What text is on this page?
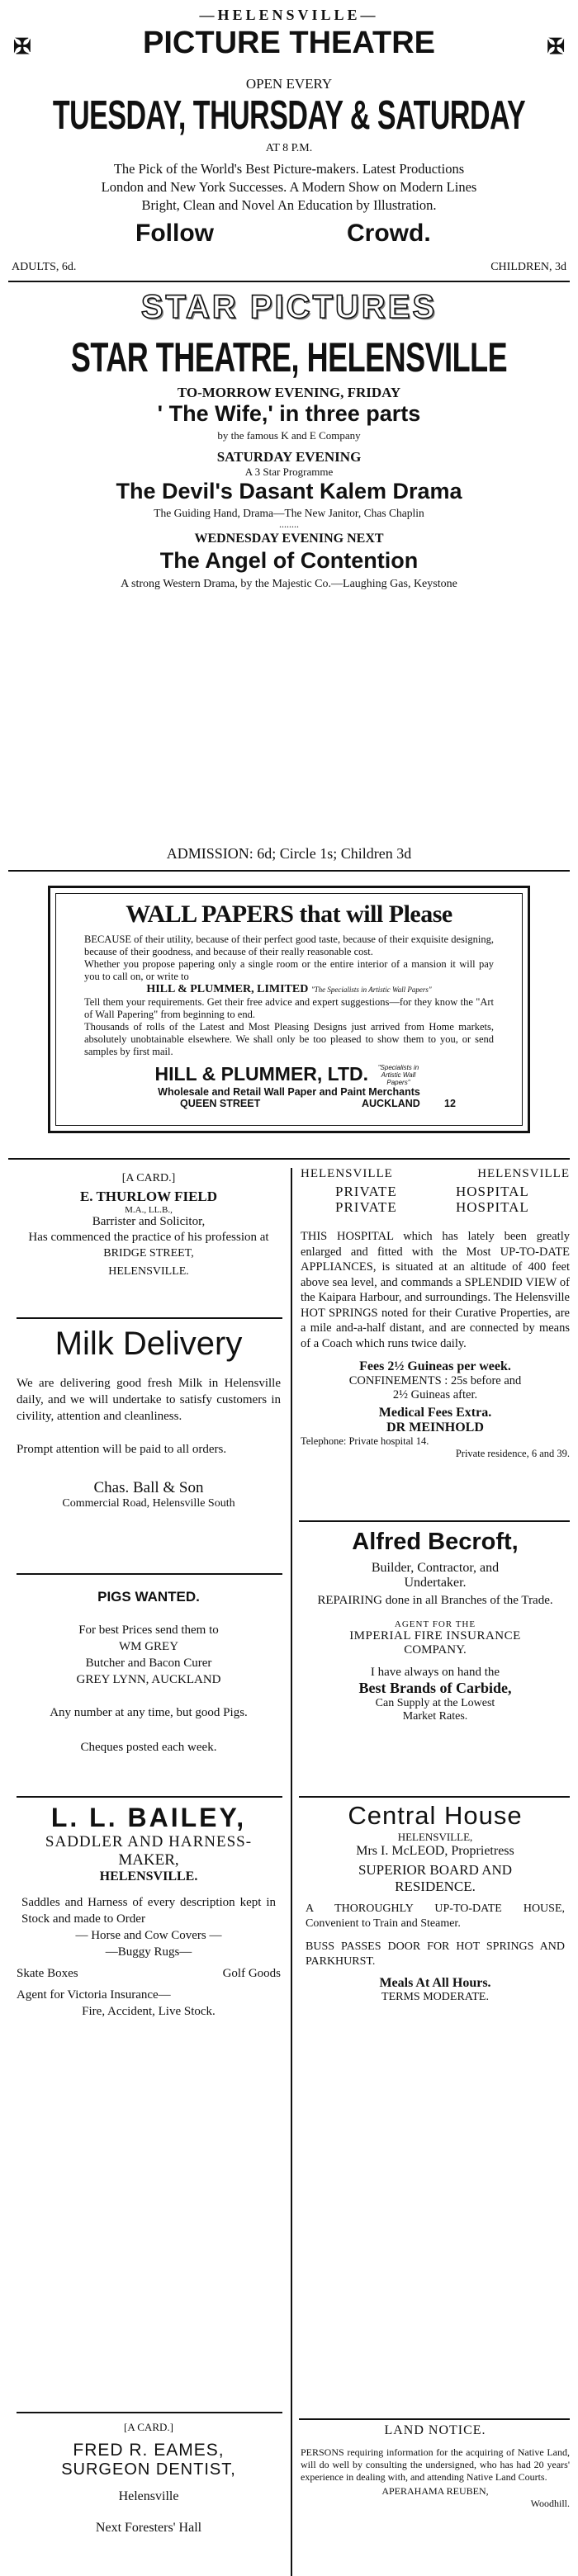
—HELENSVILLE—
✠	PICTURE THEATRE	✠
OPEN EVERY
TUESDAY, THURSDAY & SATURDAY
AT 8 P.M.
The Pick of the World's Best Picture-makers. Latest Productions
London and New York Successes. A Modern Show on Modern Lines
Bright, Clean and Novel An Education by Illustration.
Follow	Crowd.
ADULTS, 6d.	CHILDREN, 3d
STAR PICTURES
STAR THEATRE, HELENSVILLE
TO-MORROW EVENING, FRIDAY
' The Wife,' in three parts
by the famous K and E Company
SATURDAY EVENING
A 3 Star Programme
The Devil's Dasant Kalem Drama
The Guiding Hand, Drama—The New Janitor, Chas Chaplin
........
WEDNESDAY EVENING NEXT
The Angel of Contention
A strong Western Drama, by the Majestic Co.—Laughing Gas, Keystone
ADMISSION: 6d; Circle 1s; Children 3d
WALL PAPERS that will Please
BECAUSE of their utility, because of their perfect good taste, because of their exquisite designing, because of their goodness, and because of their really reasonable cost.
Whether you propose papering only a single room or the entire interior of a mansion it will pay you to call on, or write to
HILL & PLUMMER, LIMITED "The Specialists in Artistic Wall Papers"
Tell them your requirements. Get their free advice and expert suggestions—for they know the "Art of Wall Papering" from beginning to end.
Thousands of rolls of the Latest and Most Pleasing Designs just arrived from Home markets, absolutely unobtainable elsewhere. We shall only be too pleased to show them to you, or send samples by first mail.
HILL & PLUMMER, LTD. "Specialists in Artistic Wall Papers"
Wholesale and Retail Wall Paper and Paint Merchants
QUEEN STREET	AUCKLAND 12
[A CARD.]
E. THURLOW FIELD
M.A., LL.B.,
Barrister and Solicitor,
Has commenced the practice of his profession at
BRIDGE STREET,
HELENSVILLE.
Milk Delivery
We are delivering good fresh Milk in Helensville daily, and we will undertake to satisfy customers in civility, attention and cleanliness.
Prompt attention will be paid to all orders.
Chas. Ball & Son
Commercial Road, Helensville South
PIGS WANTED.
For best Prices send them to
WM GREY
Butcher and Bacon Curer
GREY LYNN, AUCKLAND
Any number at any time, but good Pigs.
Cheques posted each week.
L. L. BAILEY,
SADDLER AND HARNESS-
MAKER,
HELENSVILLE.
Saddles and Harness of every description kept in Stock and made to Order
— Horse and Cow Covers —
—Buggy Rugs—
Skate Boxes	Golf Goods
Agent for Victoria Insurance—
Fire, Accident, Live Stock.
[A CARD.]
FRED R. EAMES,
SURGEON DENTIST,
Helensville
Next Foresters' Hall
HELENSVILLE	HELENSVILLE
PRIVATE	HOSPITAL
PRIVATE	HOSPITAL
THIS HOSPITAL which has lately been greatly enlarged and fitted with the Most UP-TO-DATE APPLIANCES, is situated at an altitude of 400 feet above sea level, and commands a SPLENDID VIEW of the Kaipara Harbour, and surroundings. The Helensville HOT SPRINGS noted for their Curative Properties, are a mile and-a-half distant, and are connected by means of a Coach which runs twice daily.
Fees 2½ Guineas per week.
CONFINEMENTS : 25s before and
2½ Guineas after.
Medical Fees Extra.
DR MEINHOLD
Telephone: Private hospital 14.
Private residence, 6 and 39.
Alfred Becroft,
Builder, Contractor, and
Undertaker.
REPAIRING done in all Branches of the Trade.
AGENT FOR THE
IMPERIAL FIRE INSURANCE
COMPANY.
I have always on hand the
Best Brands of Carbide,
Can Supply at the Lowest
Market Rates.
Central House
HELENSVILLE,
Mrs I. McLEOD, Proprietress
SUPERIOR BOARD AND
RESIDENCE.
A THOROUGHLY UP-TO-DATE HOUSE, Convenient to Train and Steamer.
BUSS PASSES DOOR FOR HOT SPRINGS AND PARKHURST.
Meals At All Hours.
TERMS MODERATE.
LAND NOTICE.
PERSONS requiring information for the acquiring of Native Land, will do well by consulting the undersigned, who has had 20 years' experience in dealing with, and attending Native Land Courts.
APERAHAMA REUBEN,
Woodhill.
